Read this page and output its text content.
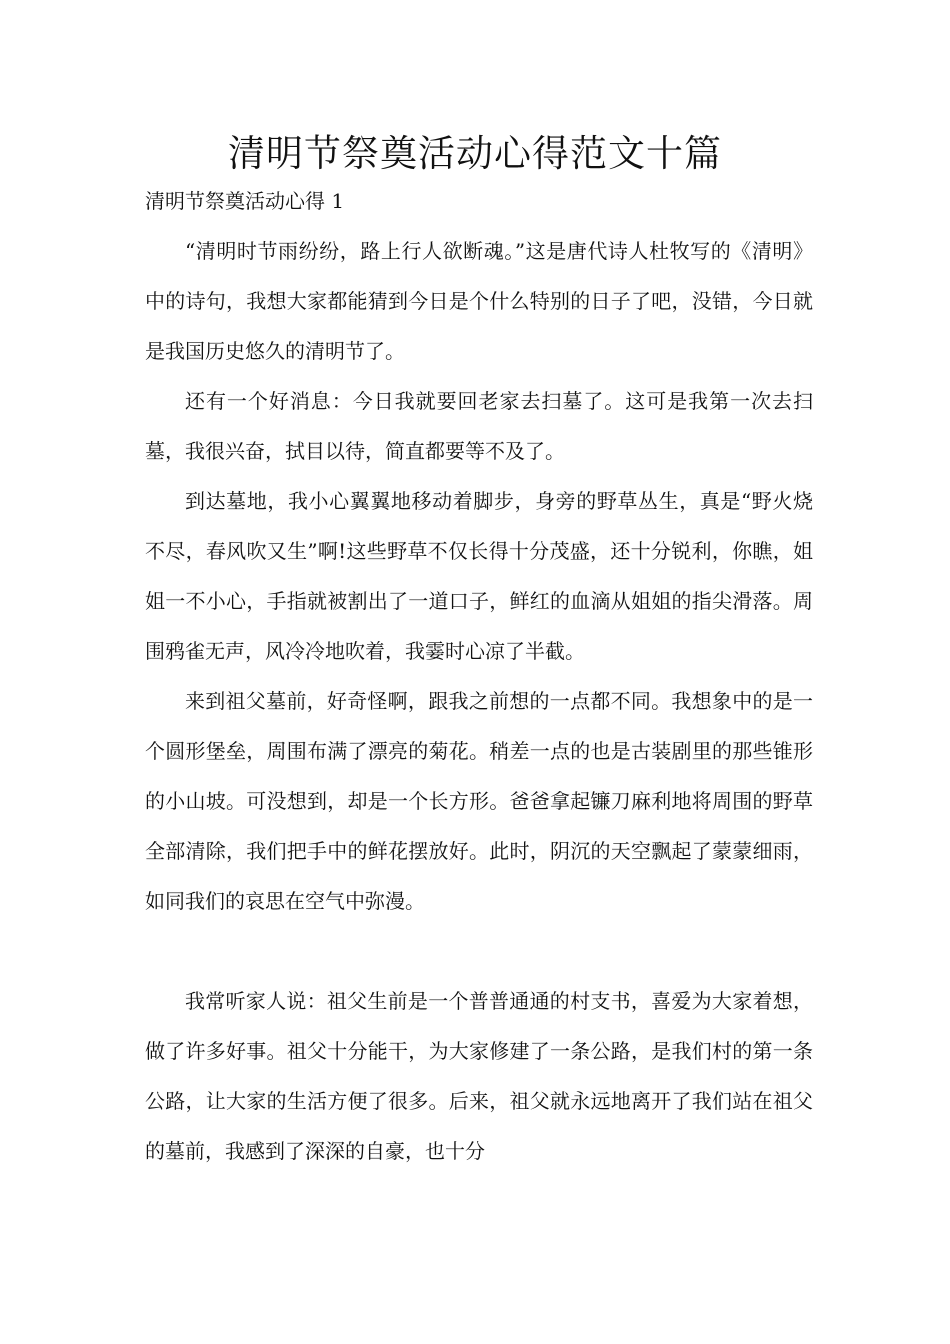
清明节祭奠活动心得范文十篇
清明节祭奠活动心得 1

“清明时节雨纷纷，路上行人欲断魂。”这是唐代诗人杜牧写的《清明》中的诗句，我想大家都能猜到今日是个什么特别的日子了吧，没错，今日就是我国历史悠久的清明节了。

还有一个好消息：今日我就要回老家去扫墓了。这可是我第一次去扫墓，我很兴奋，拭目以待，简直都要等不及了。

到达墓地，我小心翼翼地移动着脚步，身旁的野草丛生，真是“野火烧不尽，春风吹又生”啊!这些野草不仅长得十分茂盛，还十分锐利，你瞧，姐姐一不小心，手指就被割出了一道口子，鲜红的血滴从姐姐的指尖滑落。周围鸦雀无声，风冷冷地吹着，我霎时心凉了半截。

来到祖父墓前，好奇怪啊，跟我之前想的一点都不同。我想象中的是一个圆形堡垒，周围布满了漂亮的菊花。稍差一点的也是古装剧里的那些锥形的小山坡。可没想到，却是一个长方形。爸爸拿起镰刀麻利地将周围的野草全部清除，我们把手中的鲜花摆放好。此时，阴沉的天空飘起了蒙蒙细雨，如同我们的哀思在空气中弥漫。

我常听家人说：祖父生前是一个普普通通的村支书，喜爱为大家着想，做了许多好事。祖父十分能干，为大家修建了一条公路，是我们村的第一条公路，让大家的生活方便了很多。后来，祖父就永远地离开了我们站在祖父的墓前，我感到了深深的自豪，也十分
